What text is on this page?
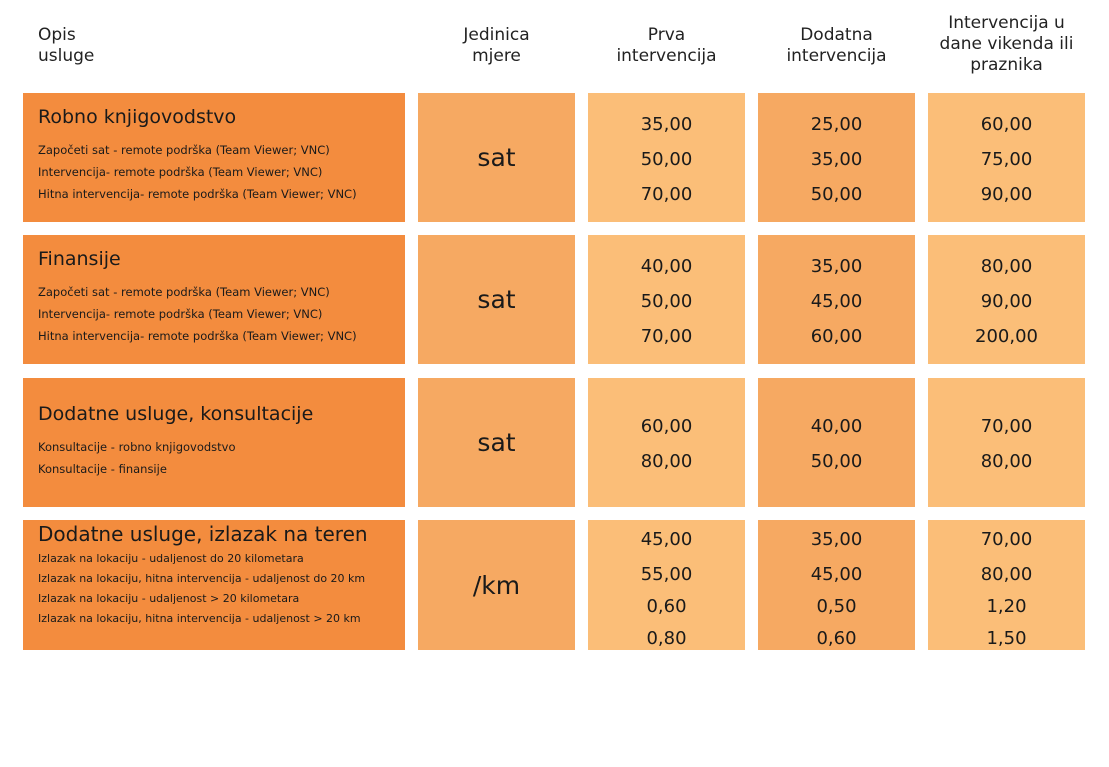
Opis
usluge
Jedinica
mjere
Prva
intervencija
Dodatna
intervencija
Intervencija u
dane vikenda ili
praznika
Robno knjigovodstvo
Započeti sat - remote podrška (Team Viewer; VNC)
Intervencija- remote podrška (Team Viewer; VNC)
Hitna intervencija- remote podrška (Team Viewer; VNC)
sat
35,00
50,00
70,00
25,00
35,00
50,00
60,00
75,00
90,00
Finansije
Započeti sat - remote podrška (Team Viewer; VNC)
Intervencija- remote podrška (Team Viewer; VNC)
Hitna intervencija- remote podrška (Team Viewer; VNC)
sat
40,00
50,00
70,00
35,00
45,00
60,00
80,00
90,00
200,00
Dodatne usluge, konsultacije
Konsultacije - robno knjigovodstvo
Konsultacije - finansije
sat
60,00
80,00
40,00
50,00
70,00
80,00
Dodatne usluge, izlazak na teren
Izlazak na lokaciju - udaljenost do 20 kilometara
Izlazak na lokaciju, hitna intervencija - udaljenost do 20 km
Izlazak na lokaciju - udaljenost > 20 kilometara
Izlazak na lokaciju, hitna intervencija - udaljenost > 20 km
/km
45,00
55,00
0,60
0,80
35,00
45,00
0,50
0,60
70,00
80,00
1,20
1,50
